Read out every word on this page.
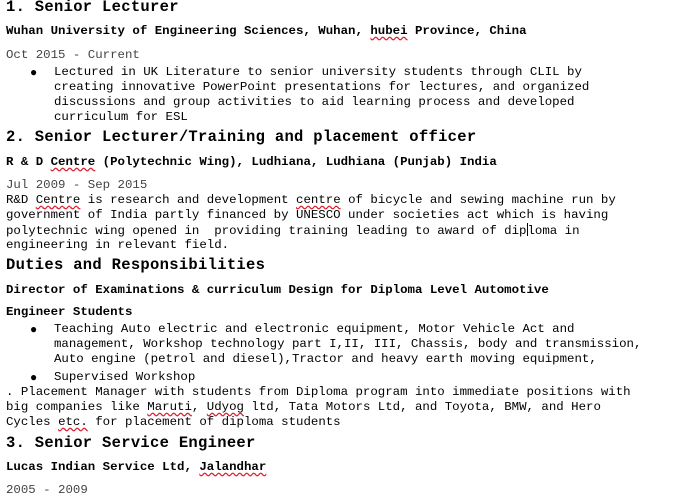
1. Senior Lecturer
Wuhan University of Engineering Sciences, Wuhan, hubei Province, China
Oct 2015 - Current
● Lectured in UK Literature to senior university students through CLIL by
creating innovative PowerPoint presentations for lectures, and organized
discussions and group activities to aid learning process and developed
curriculum for ESL
2. Senior Lecturer/Training and placement officer
R & D Centre (Polytechnic Wing), Ludhiana, Ludhiana (Punjab) India
Jul 2009 - Sep 2015
R&D Centre is research and development centre of bicycle and sewing machine run by
government of India partly financed by UNESCO under societies act which is having
polytechnic wing opened in  providing training leading to award of diploma in
engineering in relevant field.
Duties and Responsibilities
Director of Examinations & curriculum Design for Diploma Level Automotive
Engineer Students
● Teaching Auto electric and electronic equipment, Motor Vehicle Act and
management, Workshop technology part I,II, III, Chassis, body and transmission,
Auto engine (petrol and diesel),Tractor and heavy earth moving equipment,
● Supervised Workshop
. Placement Manager with students from Diploma program into immediate positions with
big companies like Maruti, Udyog ltd, Tata Motors Ltd, and Toyota, BMW, and Hero
Cycles etc. for placement of diploma students
3. Senior Service Engineer
Lucas Indian Service Ltd, Jalandhar
2005 - 2009
